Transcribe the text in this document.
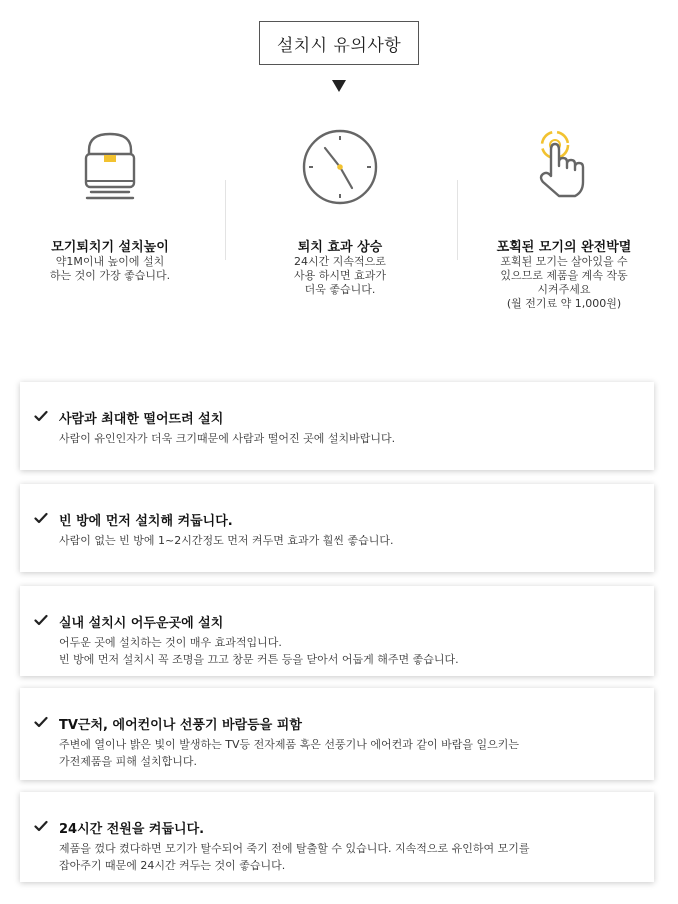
설치시 유의사항
모기퇴치기 설치높이
약1M이내 높이에 설치
하는 것이 가장 좋습니다.
퇴치 효과 상승
24시간 지속적으로
사용 하시면 효과가
더욱 좋습니다.
포획된 모기의 완전박멸
포획된 모기는 살아있을 수
있으므로 제품을 계속 작동
시켜주세요
(월 전기료 약 1,000원)
사람과 최대한 떨어뜨려 설치
사람이 유인인자가 더욱 크기때문에 사람과 떨어진 곳에 설치바랍니다.
빈 방에 먼저 설치해 켜둡니다.
사람이 없는 빈 방에 1~2시간정도 먼저 켜두면 효과가 훨씬 좋습니다.
실내 설치시 어두운곳에 설치
어두운 곳에 설치하는 것이 매우 효과적입니다.
빈 방에 먼저 설치시 꼭 조명을 끄고 창문 커튼 등을 닫아서 어둡게 해주면 좋습니다.
TV근처, 에어컨이나 선풍기 바람등을 피함
주변에 열이나 밝은 빛이 발생하는 TV등 전자제품 혹은 선풍기나 에어컨과 같이 바람을 일으키는
가전제품을 피해 설치합니다.
24시간 전원을 켜둡니다.
제품을 껐다 켰다하면 모기가 탈수되어 죽기 전에 탈출할 수 있습니다. 지속적으로 유인하여 모기를
잡아주기 때문에 24시간 켜두는 것이 좋습니다.
